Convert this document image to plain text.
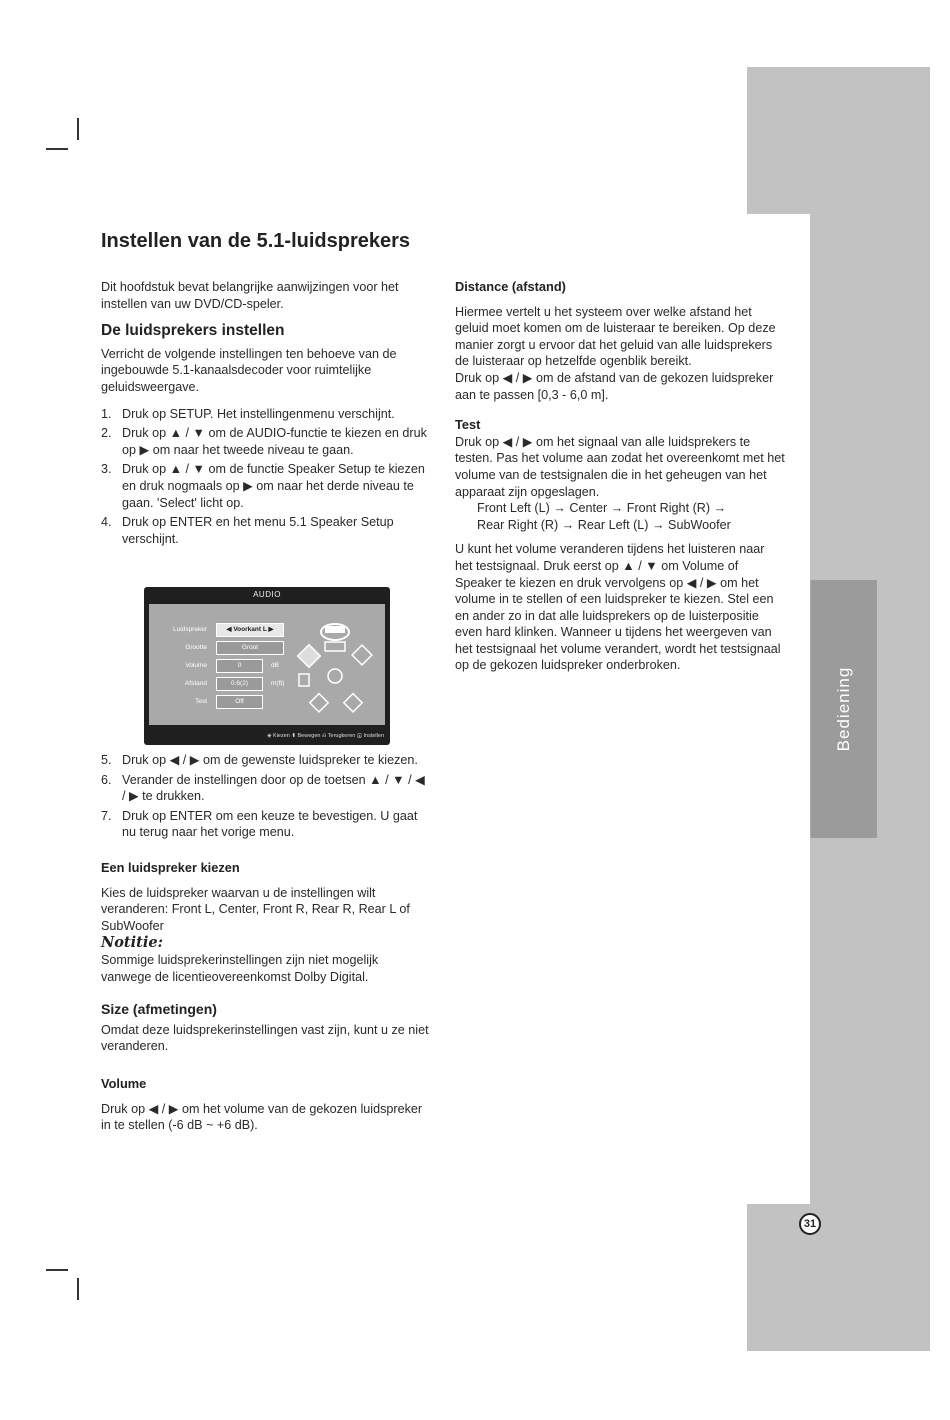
Bediening
31
Instellen van de 5.1-luidsprekers

Dit hoofdstuk bevat belangrijke aanwijzingen voor het instellen van uw DVD/CD-speler.

De luidsprekers instellen

Verricht de volgende instellingen ten behoeve van de ingebouwde 5.1-kanaalsdecoder voor ruimtelijke geluidsweergave.

1. Druk op SETUP. Het instellingenmenu verschijnt.
2. Druk op ▲ / ▼ om de AUDIO-functie te kiezen en druk op ▶ om naar het tweede niveau te gaan.
3. Druk op ▲ / ▼ om de functie Speaker Setup te kiezen en druk nogmaals op ▶ om naar het derde niveau te gaan. 'Select' licht op.
4. Druk op ENTER en het menu 5.1 Speaker Setup verschijnt.
AUDIO
Luidspreker	◀ Voorkant L ▶
Grootte	Groot
Volume	0	dB
Afstand	0.6(2)	m(ft)
Test	Off
◈ Kiezen ⬍ Bewegen ⎌ Terugkeren ⓧ Instellen
5. Druk op ◀ / ▶ om de gewenste luidspreker te kiezen.
6. Verander de instellingen door op de toetsen ▲ / ▼ / ◀ / ▶ te drukken.
7. Druk op ENTER om een keuze te bevestigen. U gaat nu terug naar het vorige menu.

Een luidspreker kiezen

Kies de luidspreker waarvan u de instellingen wilt veranderen: Front L, Center, Front R, Rear R, Rear L of SubWoofer

Notitie:

Sommige luidsprekerinstellingen zijn niet mogelijk vanwege de licentieovereenkomst Dolby Digital.

Size (afmetingen)

Omdat deze luidsprekerinstellingen vast zijn, kunt u ze niet veranderen.

Volume

Druk op ◀ / ▶ om het volume van de gekozen luidspreker in te stellen (-6 dB ~ +6 dB).

Distance (afstand)

Hiermee vertelt u het systeem over welke afstand het geluid moet komen om de luisteraar te bereiken. Op deze manier zorgt u ervoor dat het geluid van alle luidsprekers de luisteraar op hetzelfde ogenblik bereikt.

Druk op ◀ / ▶ om de afstand van de gekozen luidspreker aan te passen [0,3 - 6,0 m].

Test

Druk op ◀ / ▶ om het signaal van alle luidsprekers te testen. Pas het volume aan zodat het overeenkomt met het volume van de testsignalen die in het geheugen van het apparaat zijn opgeslagen.

Front Left (L) → Center → Front Right (R) →

Rear Right (R) → Rear Left (L) → SubWoofer

U kunt het volume veranderen tijdens het luisteren naar het testsignaal. Druk eerst op ▲ / ▼ om Volume of Speaker te kiezen en druk vervolgens op ◀ / ▶ om het volume in te stellen of een luidspreker te kiezen. Stel een en ander zo in dat alle luidsprekers op de luisterpositie even hard klinken. Wanneer u tijdens het weergeven van het testsignaal het volume verandert, wordt het testsignaal op de gekozen luidspreker onderbroken.
